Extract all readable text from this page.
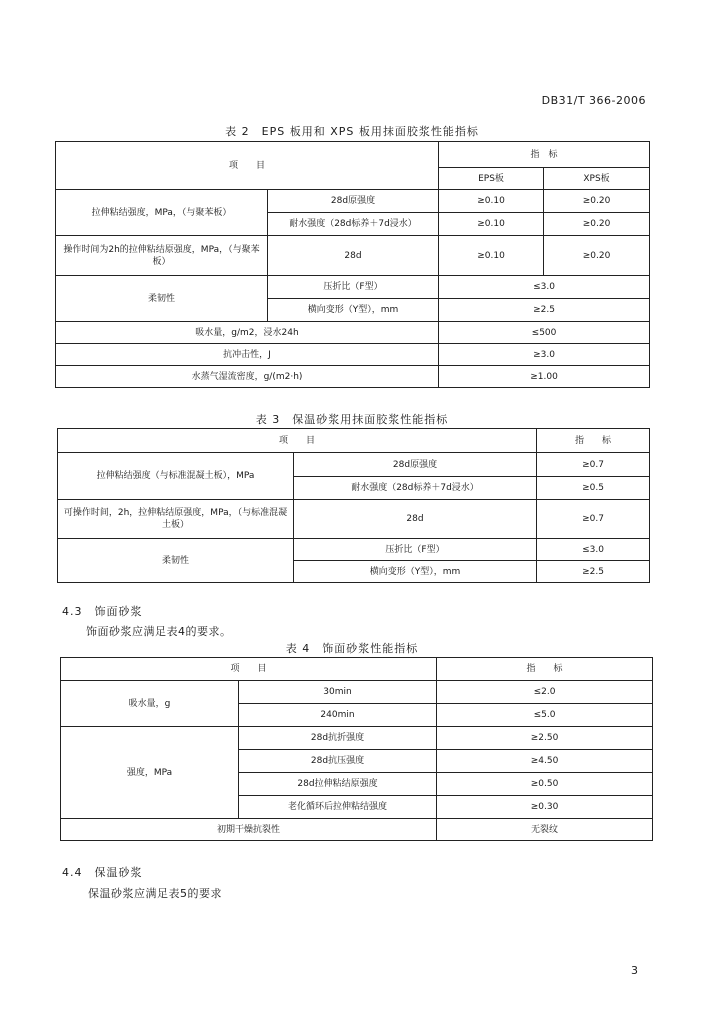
DB31/T 366-2006
表 2　EPS 板用和 XPS 板用抹面胶浆性能指标
项　　目		指　标	
		EPS板	XPS板
拉伸粘结强度，MPa，（与聚苯板）	28d原强度	≥0.10	≥0.20
	耐水强度（28d标养＋7d浸水）	≥0.10	≥0.20
操作时间为2h的拉伸粘结原强度，MPa，（与聚苯板）	28d	≥0.10	≥0.20
柔韧性	压折比（F型）	≤3.0	
	横向变形（Y型），mm	≥2.5	
吸水量，g/m2，浸水24h		≤500	
抗冲击性，J		≥3.0	
水蒸气湿流密度，g/(m2·h)		≥1.00	
表 3　保温砂浆用抹面胶浆性能指标
项　　目		指　　标
拉伸粘结强度（与标准混凝土板），MPa	28d原强度	≥0.7
	耐水强度（28d标养＋7d浸水）	≥0.5
可操作时间，2h，拉伸粘结原强度，MPa，（与标准混凝土板）	28d	≥0.7
柔韧性	压折比（F型）	≤3.0
	横向变形（Y型），mm	≥2.5
4.3　饰面砂浆
饰面砂浆应满足表4的要求。
表 4　饰面砂浆性能指标
项　　目		指　　标
吸水量，g	30min	≤2.0
	240min	≤5.0
强度，MPa	28d抗折强度	≥2.50
	28d抗压强度	≥4.50
	28d拉伸粘结原强度	≥0.50
	老化循环后拉伸粘结强度	≥0.30
初期干燥抗裂性		无裂纹
4.4　保温砂浆
保温砂浆应满足表5的要求
3
